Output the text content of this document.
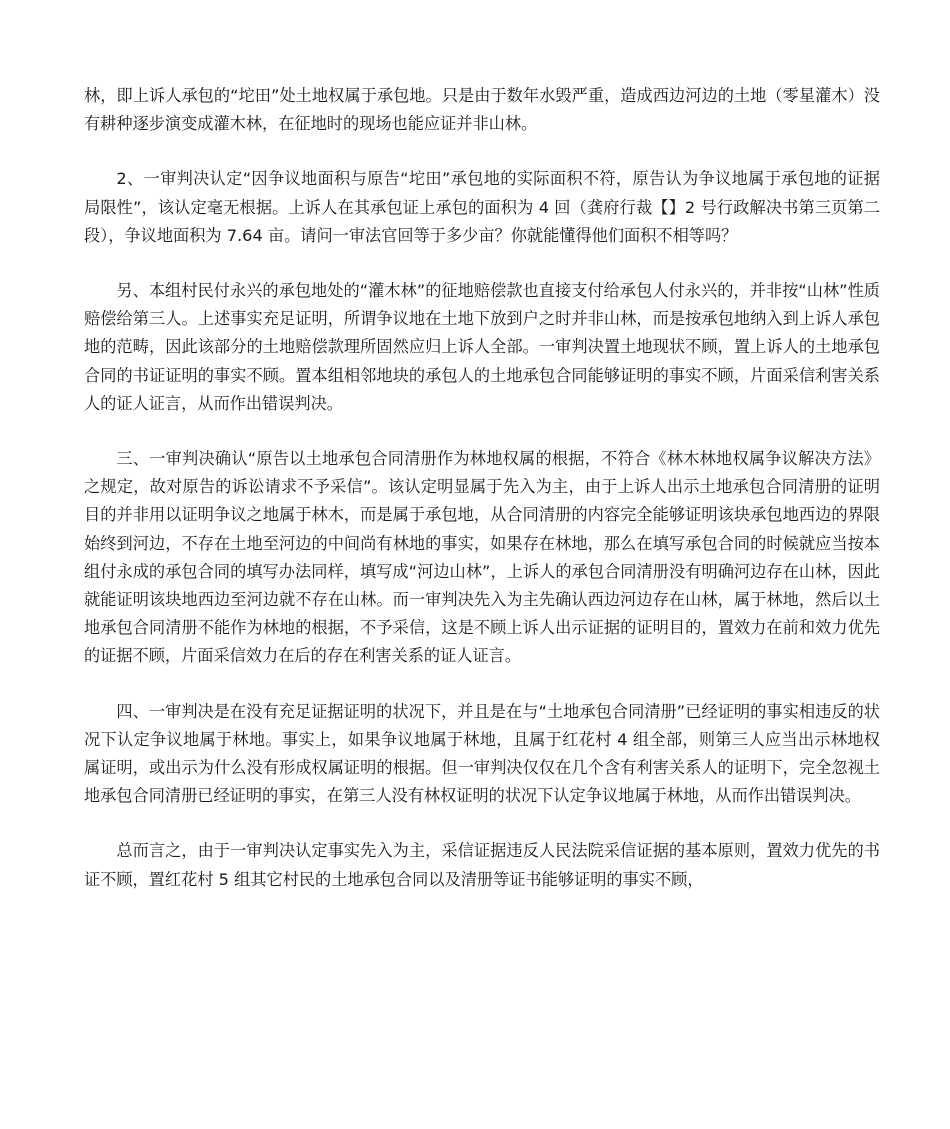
林，即上诉人承包的“坨田”处土地权属于承包地。只是由于数年水毁严重，造成西边河边的土地（零星灌木）没有耕种逐步演变成灌木林，在征地时的现场也能应证并非山林。

2、一审判决认定“因争议地面积与原告“坨田”承包地的实际面积不符，原告认为争议地属于承包地的证据局限性”，该认定毫无根据。上诉人在其承包证上承包的面积为 4 回（龚府行裁【】2 号行政解决书第三页第二段），争议地面积为 7.64 亩。请问一审法官回等于多少亩？你就能懂得他们面积不相等吗？

另、本组村民付永兴的承包地处的“灌木林”的征地赔偿款也直接支付给承包人付永兴的，并非按“山林”性质赔偿给第三人。上述事实充足证明，所谓争议地在土地下放到户之时并非山林，而是按承包地纳入到上诉人承包地的范畴，因此该部分的土地赔偿款理所固然应归上诉人全部。一审判决置土地现状不顾，置上诉人的土地承包合同的书证证明的事实不顾。置本组相邻地块的承包人的土地承包合同能够证明的事实不顾，片面采信利害关系人的证人证言，从而作出错误判决。

三、一审判决确认“原告以土地承包合同清册作为林地权属的根据，不符合《林木林地权属争议解决方法》之规定，故对原告的诉讼请求不予采信”。该认定明显属于先入为主，由于上诉人出示土地承包合同清册的证明目的并非用以证明争议之地属于林木，而是属于承包地，从合同清册的内容完全能够证明该块承包地西边的界限始终到河边，不存在土地至河边的中间尚有林地的事实，如果存在林地，那么在填写承包合同的时候就应当按本组付永成的承包合同的填写办法同样，填写成“河边山林”，上诉人的承包合同清册没有明确河边存在山林，因此就能证明该块地西边至河边就不存在山林。而一审判决先入为主先确认西边河边存在山林，属于林地，然后以土地承包合同清册不能作为林地的根据，不予采信，这是不顾上诉人出示证据的证明目的，置效力在前和效力优先的证据不顾，片面采信效力在后的存在利害关系的证人证言。

四、一审判决是在没有充足证据证明的状况下，并且是在与“土地承包合同清册”已经证明的事实相违反的状况下认定争议地属于林地。事实上，如果争议地属于林地，且属于红花村 4 组全部，则第三人应当出示林地权属证明，或出示为什么没有形成权属证明的根据。但一审判决仅仅在几个含有利害关系人的证明下，完全忽视土地承包合同清册已经证明的事实，在第三人没有林权证明的状况下认定争议地属于林地，从而作出错误判决。

总而言之，由于一审判决认定事实先入为主，采信证据违反人民法院采信证据的基本原则，置效力优先的书证不顾，置红花村 5 组其它村民的土地承包合同以及清册等证书能够证明的事实不顾，
